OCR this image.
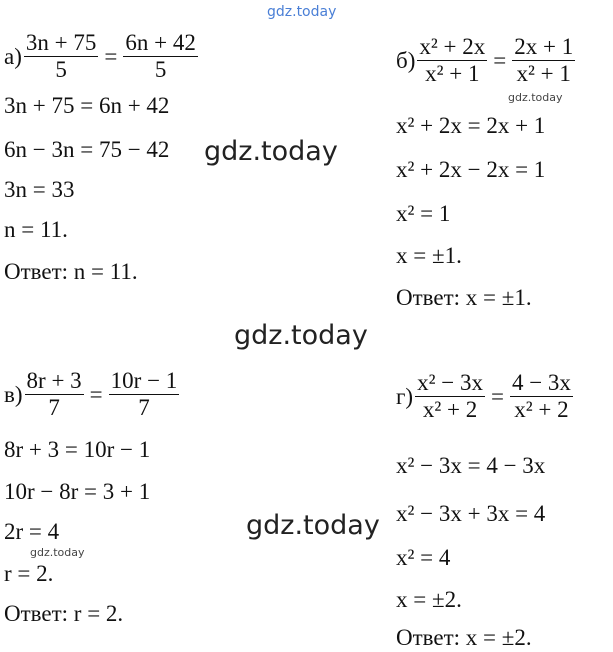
gdz.today
gdz.today
gdz.today
gdz.today
gdz.today
gdz.today
$а) \frac{3n + 75}{5} = \frac{6n + 42}{5}$
3n + 75 = 6n + 42
6n − 3n = 75 − 42
3n = 33
n = 11.
Ответ: n = 11.
$б) \frac{\text{x² + 2x}}{\text{x² + 1}} = \frac{2x + 1}{\text{x² + 1}}$
x² + 2x = 2x + 1
x² + 2x − 2x = 1
x² = 1
x = ±1.
Ответ: x = ±1.
$в) \frac{8r + 3}{7} = \frac{10r - 1}{7}$
8r + 3 = 10r − 1
10r − 8r = 3 + 1
2r = 4
r = 2.
Ответ: r = 2.
$г) \frac{\text{x² − 3x}}{\text{x² + 2}} = \frac{4 - 3x}{\text{x² + 2}}$
x² − 3x = 4 − 3x
x² − 3x + 3x = 4
x² = 4
x = ±2.
Ответ: x = ±2.
